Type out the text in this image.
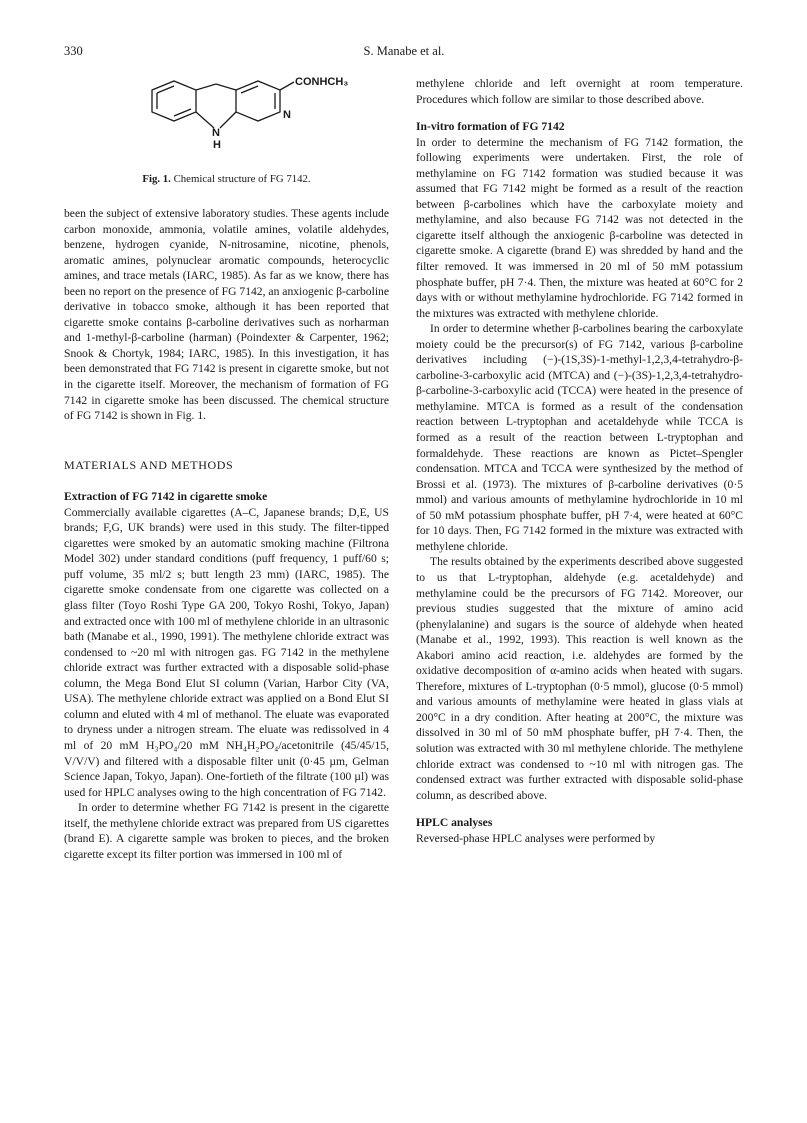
330	S. Manabe et al.
CONHCH₃
N
N
H
Fig. 1. Chemical structure of FG 7142.

been the subject of extensive laboratory studies. These agents include carbon monoxide, ammonia, volatile amines, volatile aldehydes, benzene, hydrogen cyanide, N-nitrosamine, nicotine, phenols, aromatic amines, polynuclear aromatic compounds, heterocyclic amines, and trace metals (IARC, 1985). As far as we know, there has been no report on the presence of FG 7142, an anxiogenic β-carboline derivative in tobacco smoke, although it has been reported that cigarette smoke contains β-carboline derivatives such as norharman and 1-methyl-β-carboline (harman) (Poindexter & Carpenter, 1962; Snook & Chortyk, 1984; IARC, 1985). In this investigation, it has been demonstrated that FG 7142 is present in cigarette smoke, but not in the cigarette itself. Moreover, the mechanism of formation of FG 7142 in cigarette smoke has been discussed. The chemical structure of FG 7142 is shown in Fig. 1.

MATERIALS AND METHODS

Extraction of FG 7142 in cigarette smoke

Commercially available cigarettes (A–C, Japanese brands; D,E, US brands; F,G, UK brands) were used in this study. The filter-tipped cigarettes were smoked by an automatic smoking machine (Filtrona Model 302) under standard conditions (puff frequency, 1 puff/60 s; puff volume, 35 ml/2 s; butt length 23 mm) (IARC, 1985). The cigarette smoke condensate from one cigarette was collected on a glass filter (Toyo Roshi Type GA 200, Tokyo Roshi, Tokyo, Japan) and extracted once with 100 ml of methylene chloride in an ultrasonic bath (Manabe et al., 1990, 1991). The methylene chloride extract was condensed to ~20 ml with nitrogen gas. FG 7142 in the methylene chloride extract was further extracted with a disposable solid-phase column, the Mega Bond Elut SI column (Varian, Harbor City (VA, USA). The methylene chloride extract was applied on a Bond Elut SI column and eluted with 4 ml of methanol. The eluate was evaporated to dryness under a nitrogen stream. The eluate was redissolved in 4 ml of 20 mM H₃PO₄/20 mM NH₄H₂PO₄/acetonitrile (45/45/15, V/V/V) and filtered with a disposable filter unit (0·45 µm, Gelman Science Japan, Tokyo, Japan). One-fortieth of the filtrate (100 µl) was used for HPLC analyses owing to the high concentration of FG 7142.

In order to determine whether FG 7142 is present in the cigarette itself, the methylene chloride extract was prepared from US cigarettes (brand E). A cigarette sample was broken to pieces, and the broken cigarette except its filter portion was immersed in 100 ml of

methylene chloride and left overnight at room temperature. Procedures which follow are similar to those described above.

In-vitro formation of FG 7142

In order to determine the mechanism of FG 7142 formation, the following experiments were undertaken. First, the role of methylamine on FG 7142 formation was studied because it was assumed that FG 7142 might be formed as a result of the reaction between β-carbolines which have the carboxylate moiety and methylamine, and also because FG 7142 was not detected in the cigarette itself although the anxiogenic β-carboline was detected in cigarette smoke. A cigarette (brand E) was shredded by hand and the filter removed. It was immersed in 20 ml of 50 mM potassium phosphate buffer, pH 7·4. Then, the mixture was heated at 60°C for 2 days with or without methylamine hydrochloride. FG 7142 formed in the mixtures was extracted with methylene chloride.

In order to determine whether β-carbolines bearing the carboxylate moiety could be the precursor(s) of FG 7142, various β-carboline derivatives including (−)-(1S,3S)-1-methyl-1,2,3,4-tetrahydro-β-carboline-3-carboxylic acid (MTCA) and (−)-(3S)-1,2,3,4-tetrahydro-β-carboline-3-carboxylic acid (TCCA) were heated in the presence of methylamine. MTCA is formed as a result of the condensation reaction between L-tryptophan and acetaldehyde while TCCA is formed as a result of the reaction between L-tryptophan and formaldehyde. These reactions are known as Pictet–Spengler condensation. MTCA and TCCA were synthesized by the method of Brossi et al. (1973). The mixtures of β-carboline derivatives (0·5 mmol) and various amounts of methylamine hydrochloride in 10 ml of 50 mM potassium phosphate buffer, pH 7·4, were heated at 60°C for 10 days. Then, FG 7142 formed in the mixture was extracted with methylene chloride.

The results obtained by the experiments described above suggested to us that L-tryptophan, aldehyde (e.g. acetaldehyde) and methylamine could be the precursors of FG 7142. Moreover, our previous studies suggested that the mixture of amino acid (phenylalanine) and sugars is the source of aldehyde when heated (Manabe et al., 1992, 1993). This reaction is well known as the Akabori amino acid reaction, i.e. aldehydes are formed by the oxidative decomposition of α-amino acids when heated with sugars. Therefore, mixtures of L-tryptophan (0·5 mmol), glucose (0·5 mmol) and various amounts of methylamine were heated in glass vials at 200°C in a dry condition. After heating at 200°C, the mixture was dissolved in 30 ml of 50 mM phosphate buffer, pH 7·4. Then, the solution was extracted with 30 ml methylene chloride. The methylene chloride extract was condensed to ~10 ml with nitrogen gas. The condensed extract was further extracted with disposable solid-phase column, as described above.

HPLC analyses

Reversed-phase HPLC analyses were performed by
